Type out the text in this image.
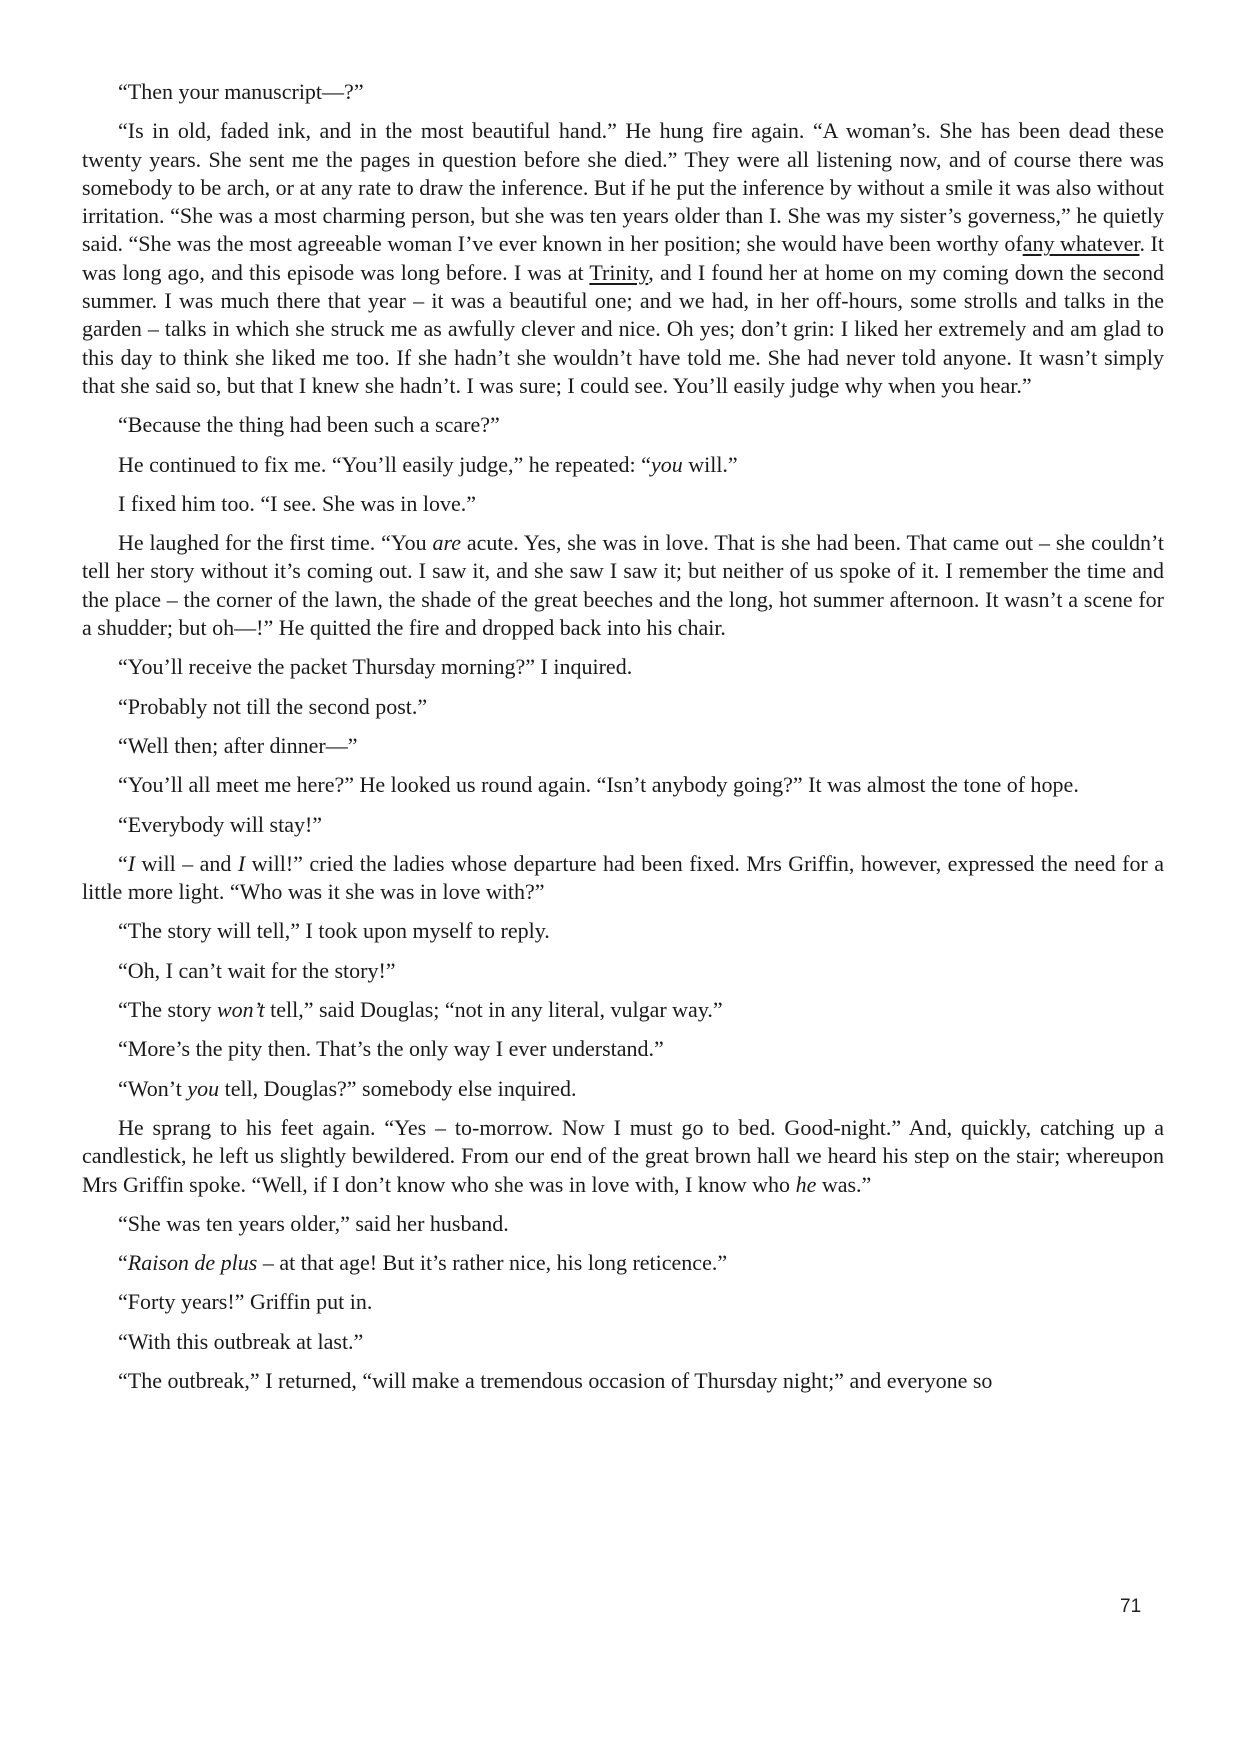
“Then your manuscript—?”

“Is in old, faded ink, and in the most beautiful hand.” He hung fire again. “A woman’s. She has been dead these twenty years. She sent me the pages in question before she died.” They were all listening now, and of course there was somebody to be arch, or at any rate to draw the inference. But if he put the inference by without a smile it was also without irritation. “She was a most charming person, but she was ten years older than I. She was my sister’s governess,” he quietly said. “She was the most agreeable woman I’ve ever known in her position; she would have been worthy ofany whatever. It was long ago, and this episode was long before. I was at Trinity, and I found her at home on my coming down the second summer. I was much there that year – it was a beautiful one; and we had, in her off-hours, some strolls and talks in the garden – talks in which she struck me as awfully clever and nice. Oh yes; don’t grin: I liked her extremely and am glad to this day to think she liked me too. If she hadn’t she wouldn’t have told me. She had never told anyone. It wasn’t simply that she said so, but that I knew she hadn’t. I was sure; I could see. You’ll easily judge why when you hear.”

“Because the thing had been such a scare?”

He continued to fix me. “You’ll easily judge,” he repeated: “you will.”

I fixed him too. “I see. She was in love.”

He laughed for the first time. “You are acute. Yes, she was in love. That is she had been. That came out – she couldn’t tell her story without it’s coming out. I saw it, and she saw I saw it; but neither of us spoke of it. I remember the time and the place – the corner of the lawn, the shade of the great beeches and the long, hot summer afternoon. It wasn’t a scene for a shudder; but oh—!” He quitted the fire and dropped back into his chair.

“You’ll receive the packet Thursday morning?” I inquired.

“Probably not till the second post.”

“Well then; after dinner—”

“You’ll all meet me here?” He looked us round again. “Isn’t anybody going?” It was almost the tone of hope.

“Everybody will stay!”

“I will – and I will!” cried the ladies whose departure had been fixed. Mrs Griffin, however, expressed the need for a little more light. “Who was it she was in love with?”

“The story will tell,” I took upon myself to reply.

“Oh, I can’t wait for the story!”

“The story won’t tell,” said Douglas; “not in any literal, vulgar way.”

“More’s the pity then. That’s the only way I ever understand.”

“Won’t you tell, Douglas?” somebody else inquired.

He sprang to his feet again. “Yes – to-morrow. Now I must go to bed. Good-night.” And, quickly, catching up a candlestick, he left us slightly bewildered. From our end of the great brown hall we heard his step on the stair; whereupon Mrs Griffin spoke. “Well, if I don’t know who she was in love with, I know who he was.”

“She was ten years older,” said her husband.

“Raison de plus – at that age! But it’s rather nice, his long reticence.”

“Forty years!” Griffin put in.

“With this outbreak at last.”

“The outbreak,” I returned, “will make a tremendous occasion of Thursday night;” and everyone so

71
